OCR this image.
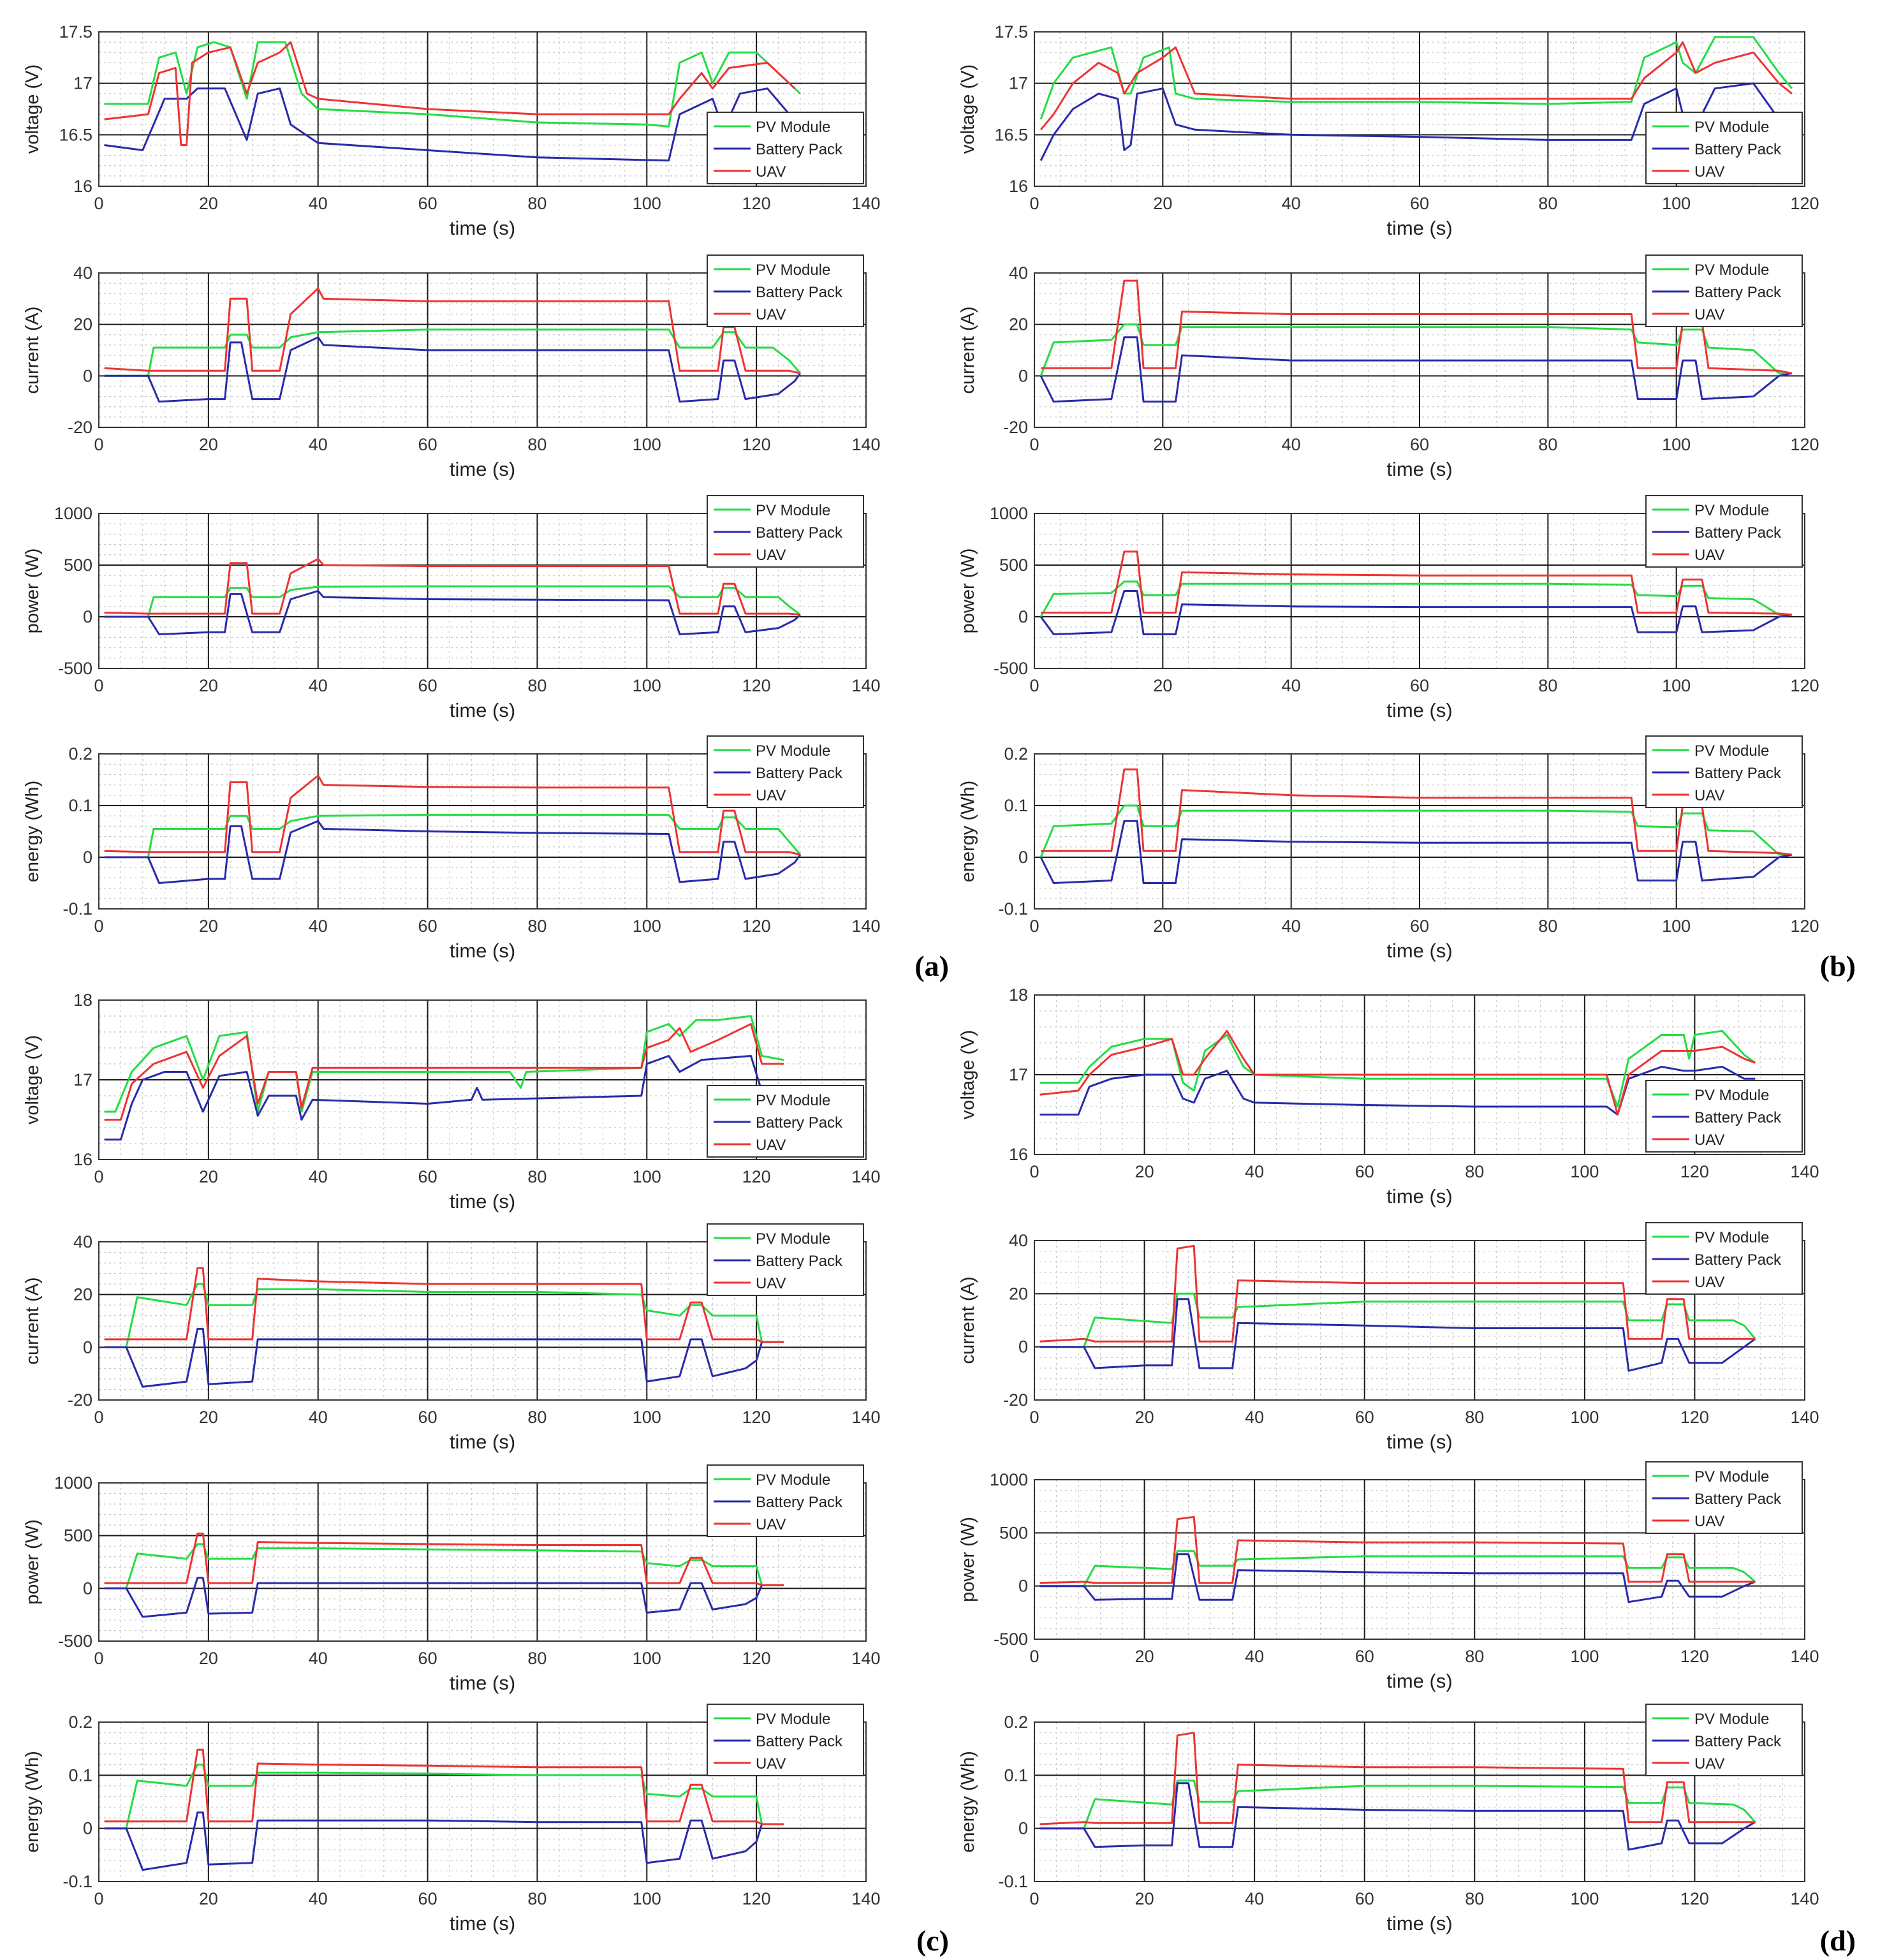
0	20	40	60	80	100	120	140
16
16.5
17
17.5
time (s)
voltage (V)	PV Module
Battery Pack
UAV
0	20	40	60	80	100	120	140
-20
0
20
40
time (s)
current (A)
PV Module
Battery Pack
UAV
0	20	40	60	80	100	120	140
-500
0
500
1000
time (s)
power (W)
PV Module
Battery Pack
UAV
0	20	40	60	80	100	120	140
-0.1
0
0.1
0.2
time (s)
energy (Wh)
PV Module
Battery Pack
UAV
0	20	40	60	80	100	120
16
16.5
17
17.5
time (s)
voltage (V)	PV Module
Battery Pack
UAV
0	20	40	60	80	100	120
-20
0
20
40
time (s)
current (A)
PV Module
Battery Pack
UAV
0	20	40	60	80	100	120
-500
0
500
1000
time (s)
power (W)
PV Module
Battery Pack
UAV
0	20	40	60	80	100	120
-0.1
0
0.1
0.2
time (s)
energy (Wh)
PV Module
Battery Pack
UAV
0	20	40	60	80	100	120	140
16
17
18
time (s)
voltage (V)	PV Module
Battery Pack
UAV
0	20	40	60	80	100	120	140
-20
0
20
40
time (s)
current (A)
PV Module
Battery Pack
UAV
0	20	40	60	80	100	120	140
-500
0
500
1000
time (s)
power (W)
PV Module
Battery Pack
UAV
0	20	40	60	80	100	120	140
-0.1
0
0.1
0.2
time (s)
energy (Wh)
PV Module
Battery Pack
UAV
0	20	40	60	80	100	120	140
16
17
18
time (s)
voltage (V)	PV Module
Battery Pack
UAV
0	20	40	60	80	100	120	140
-20
0
20
40
time (s)
current (A)
PV Module
Battery Pack
UAV
0	20	40	60	80	100	120	140
-500
0
500
1000
time (s)
power (W)
PV Module
Battery Pack
UAV
0	20	40	60	80	100	120	140
-0.1
0
0.1
0.2
time (s)
energy (Wh)
PV Module
Battery Pack
UAV
(a)	(b)
(c)	(d)
